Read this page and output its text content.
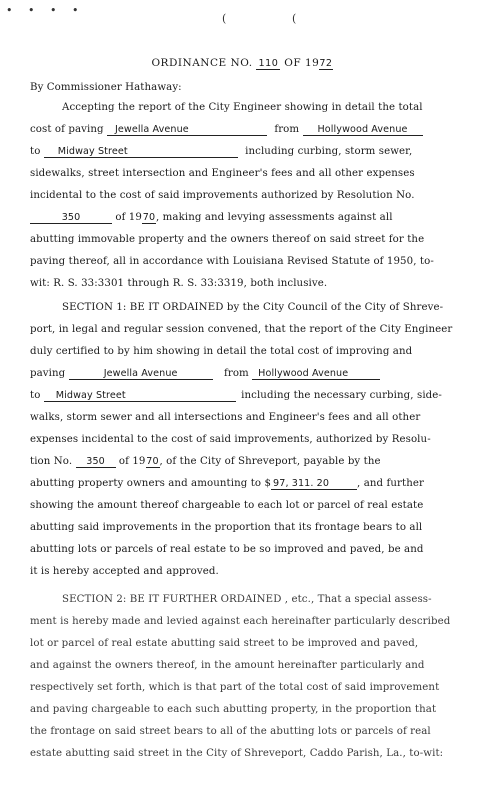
• • • •
(	(
ORDINANCE NO. 110 OF 1972
By Commissioner Hathaway:
Accepting the report of the City Engineer showing in detail the total
cost of paving Jewella Avenue	from Hollywood Avenue
to Midway Street	including curbing, storm sewer,
sidewalks, street intersection and Engineer's fees and all other expenses
incidental to the cost of said improvements authorized by Resolution No.
350	of 1970, making and levying assessments against all
abutting immovable property and the owners thereof on said street for the
paving thereof, all in accordance with Louisiana Revised Statute of 1950, to-
wit: R. S. 33:3301 through R. S. 33:3319, both inclusive.
SECTION 1: BE IT ORDAINED by the City Council of the City of Shreve-
port, in legal and regular session convened, that the report of the City Engineer
duly certified to by him showing in detail the total cost of improving and
paving	Jewella Avenue	from Hollywood Avenue
to Midway Street	including the necessary curbing, side-
walks, storm sewer and all intersections and Engineer's fees and all other
expenses incidental to the cost of said improvements, authorized by Resolu-
tion No. 350 of 1970, of the City of Shreveport, payable by the
abutting property owners and amounting to $ 97, 311. 20	, and further
showing the amount thereof chargeable to each lot or parcel of real estate
abutting said improvements in the proportion that its frontage bears to all
abutting lots or parcels of real estate to be so improved and paved, be and
it is hereby accepted and approved.
SECTION 2: BE IT FURTHER ORDAINED , etc., That a special assess-
ment is hereby made and levied against each hereinafter particularly described
lot or parcel of real estate abutting said street to be improved and paved,
and against the owners thereof, in the amount hereinafter particularly and
respectively set forth, which is that part of the total cost of said improvement
and paving chargeable to each such abutting property, in the proportion that
the frontage on said street bears to all of the abutting lots or parcels of real
estate abutting said street in the City of Shreveport, Caddo Parish, La., to-wit:
